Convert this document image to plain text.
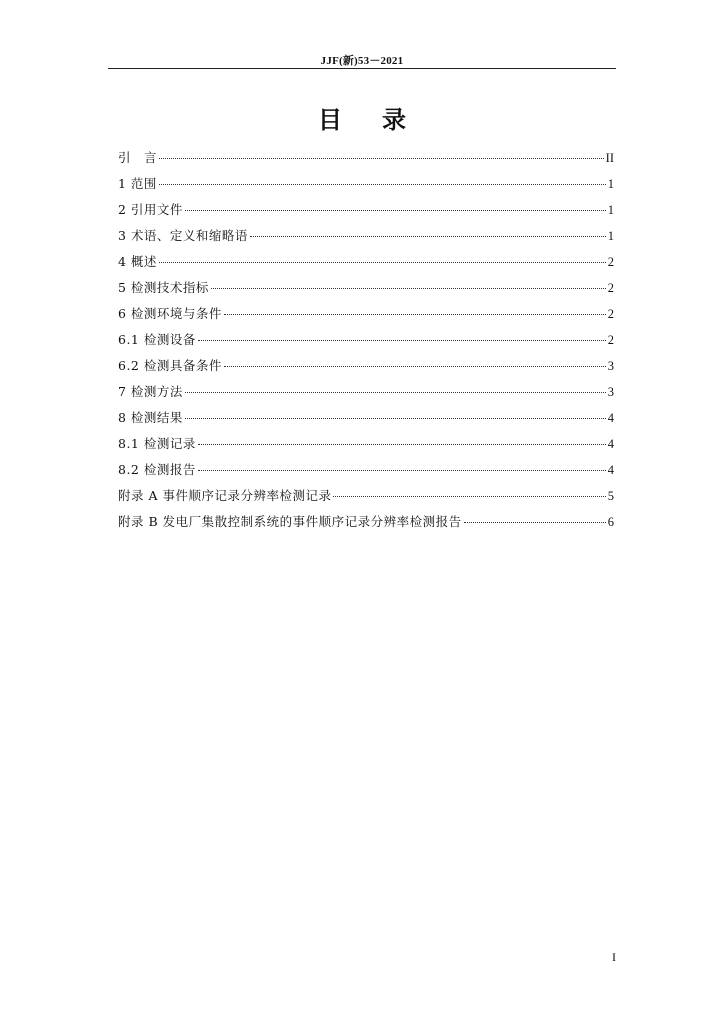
JJF(新)53－2021
目录
引　言	II
1 范围	1
2 引用文件	1
3 术语、定义和缩略语	1
4 概述	2
5 检测技术指标	2
6 检测环境与条件	2
6.1 检测设备	2
6.2 检测具备条件	3
7 检测方法	3
8 检测结果	4
8.1 检测记录	4
8.2 检测报告	4
附录 A 事件顺序记录分辨率检测记录	5
附录 B 发电厂集散控制系统的事件顺序记录分辨率检测报告	6
I
